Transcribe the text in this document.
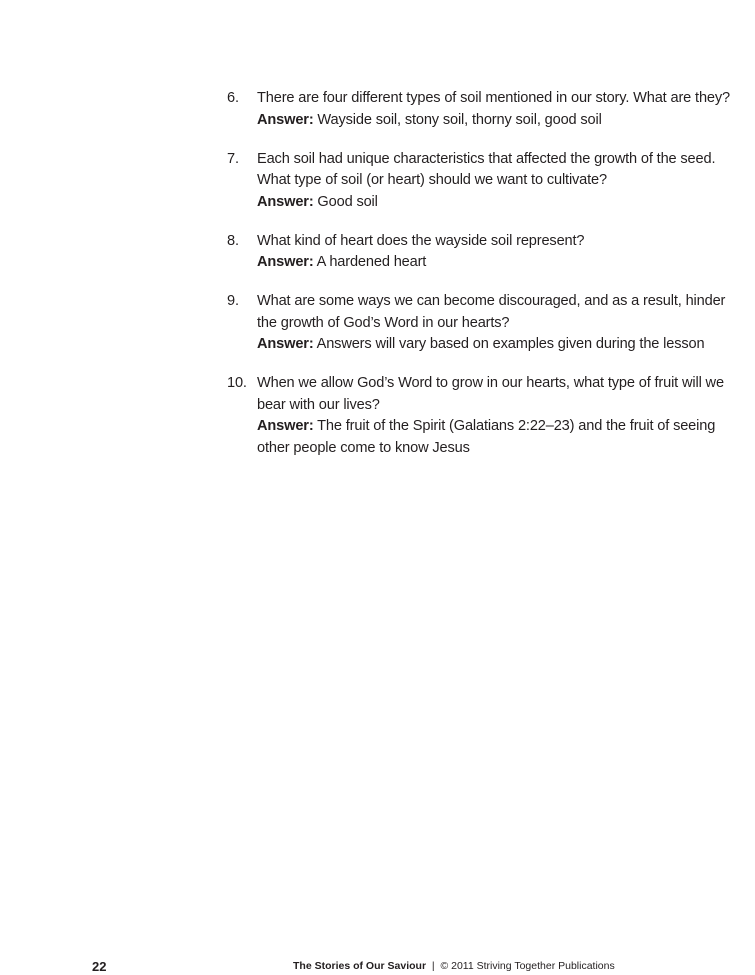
6.	There are four different types of soil mentioned in our story. What are they?
Answer: Wayside soil, stony soil, thorny soil, good soil
7.	Each soil had unique characteristics that affected the growth of the seed. What type of soil (or heart) should we want to cultivate?
Answer: Good soil
8.	What kind of heart does the wayside soil represent?
Answer: A hardened heart
9.	What are some ways we can become discouraged, and as a result, hinder the growth of God’s Word in our hearts?
Answer: Answers will vary based on examples given during the lesson
10. When we allow God’s Word to grow in our hearts, what type of fruit will we bear with our lives?
Answer: The fruit of the Spirit (Galatians 2:22–23) and the fruit of seeing other people come to know Jesus
22	The Stories of Our Saviour | © 2011 Striving Together Publications
